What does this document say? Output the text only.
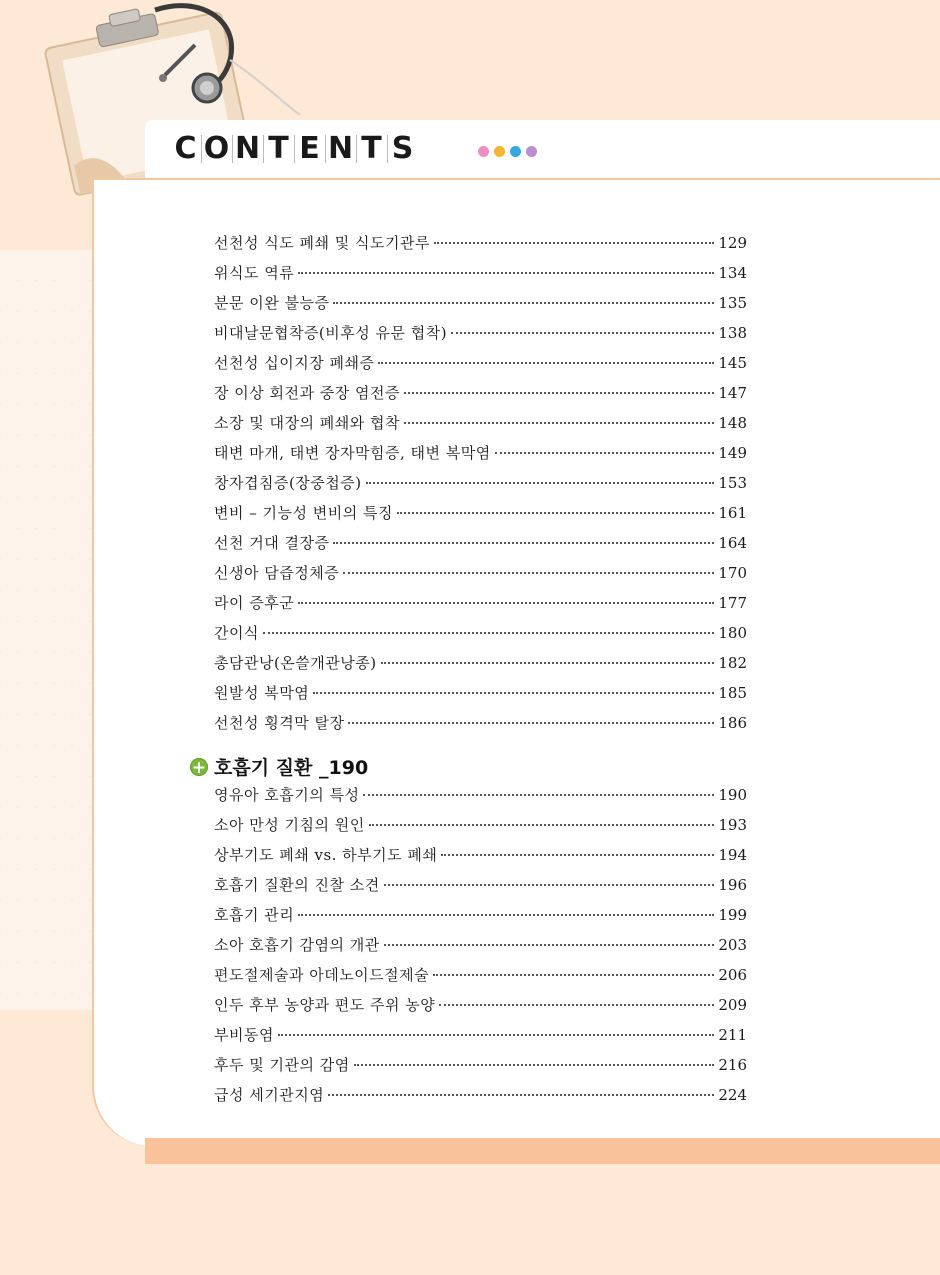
C O N T E N T S
선천성 식도 폐쇄 및 식도기관루	129
위식도 역류	134
분문 이완 불능증	135
비대날문협착증(비후성 유문 협착)	138
선천성 십이지장 폐쇄증	145
장 이상 회전과 중장 염전증	147
소장 및 대장의 폐쇄와 협착	148
태변 마개, 태변 장자막힘증, 태변 복막염	149
창자겹침증(장중첩증)	153
변비 – 기능성 변비의 특징	161
선천 거대 결장증	164
신생아 담즙정체증	170
라이 증후군	177
간이식	180
총담관낭(온쓸개관낭종)	182
원발성 복막염	185
선천성 횡격막 탈장	186
+ 호흡기 질환 _190
영유아 호흡기의 특성	190
소아 만성 기침의 원인	193
상부기도 폐쇄 vs. 하부기도 폐쇄	194
호흡기 질환의 진찰 소견	196
호흡기 관리	199
소아 호흡기 감염의 개관	203
편도절제술과 아데노이드절제술	206
인두 후부 농양과 편도 주위 농양	209
부비동염	211
후두 및 기관의 감염	216
급성 세기관지염	224
